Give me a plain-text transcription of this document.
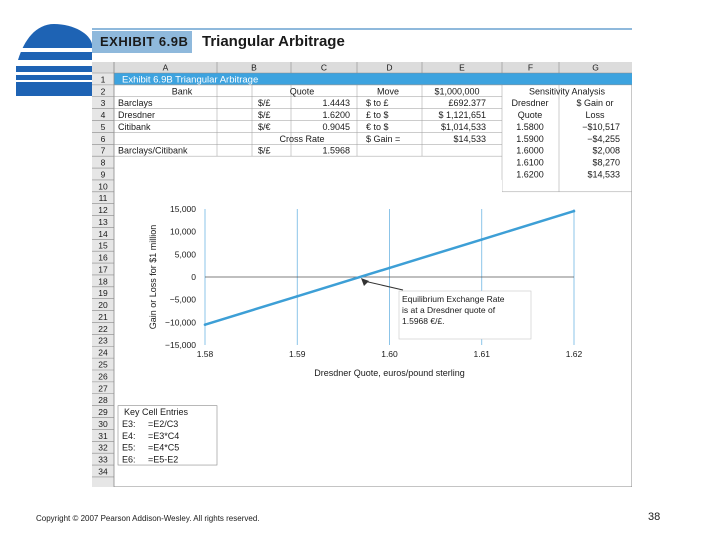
EXHIBIT 6.9B Triangular Arbitrage
A	B	C	D	E	F	G
1
2
3
4
5
6
7
8
9
10
11
12
13
14
15
16
17
18
19
20
21
22
23
24
25
26
27
28
29
30
31
32
33
34
Exhibit 6.9B Triangular Arbitrage
Bank	Quote	Move	$1,000,000
Barclays	$/£	1.4443 $ to £	£692.377
Dresdner	$/£	1.6200 £ to $	$ 1,121,651
Citibank	$/€	0.9045 € to $	$1,014,533
Cross Rate	$ Gain =	$14,533
Barclays/Citibank	$/£	1.5968
Sensitivity Analysis
Dresdner
Quote
$ Gain or
Loss
1.5800	−$10,517
1.5900	−$4,255
1.6000	$2,008
1.6100	$8,270
1.6200	$14,533
15,000
10,000
5,000
0
−5,000
−10,000
−15,000
1.58	1.59	1.60	1.61	1.62
Dresdner Quote, euros/pound sterling
Gain or Loss for $1 million	Equilibrium Exchange Rate
is at a Dresdner quote of
1.5968 €/£.
Key Cell Entries
E3: =E2/C3
E4: =E3*C4
E5: =E4*C5
E6: =E5-E2
Copyright © 2007 Pearson Addison-Wesley. All rights reserved.	38
